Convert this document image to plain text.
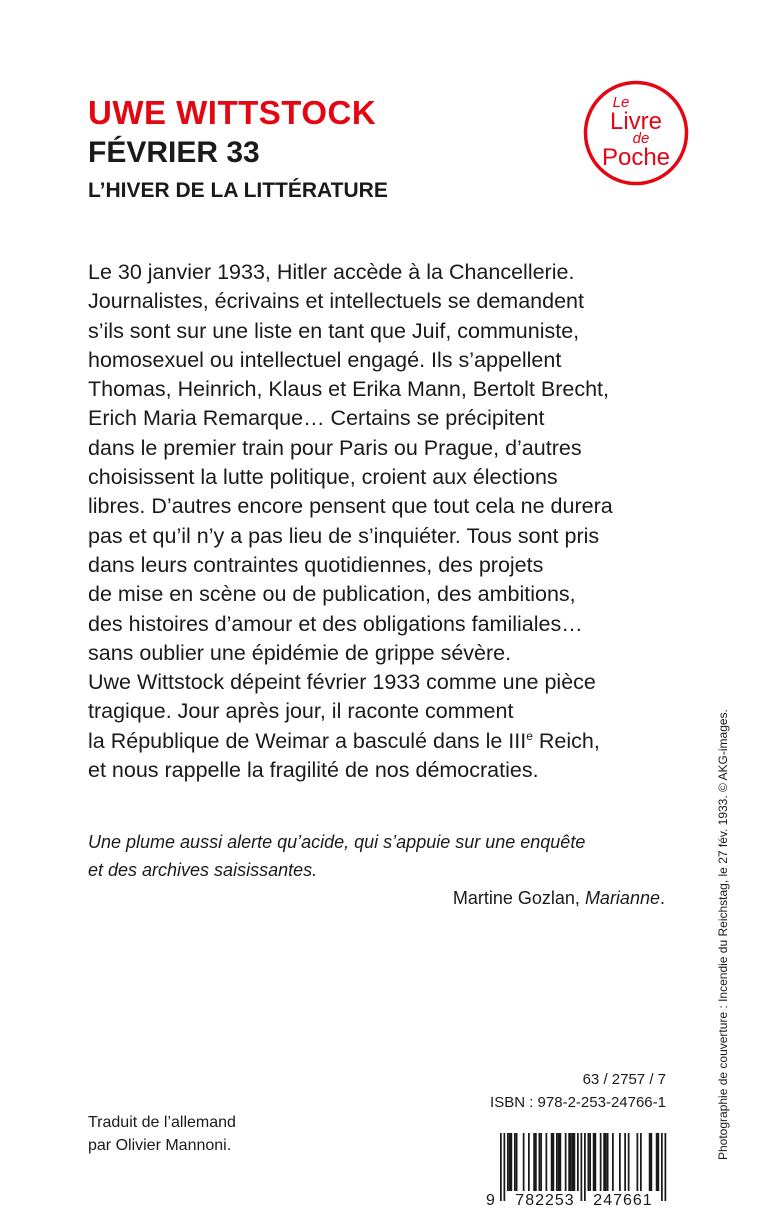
UWE WITTSTOCK
FÉVRIER 33
L’HIVER DE LA LITTÉRATURE
Le
Livre
de
Poche
Le 30 janvier 1933, Hitler accède à la Chancellerie.
Journalistes, écrivains et intellectuels se demandent
s’ils sont sur une liste en tant que Juif, communiste,
homosexuel ou intellectuel engagé. Ils s’appellent
Thomas, Heinrich, Klaus et Erika Mann, Bertolt Brecht,
Erich Maria Remarque… Certains se précipitent
dans le premier train pour Paris ou Prague, d’autres
choisissent la lutte politique, croient aux élections
libres. D’autres encore pensent que tout cela ne durera
pas et qu’il n’y a pas lieu de s’inquiéter. Tous sont pris
dans leurs contraintes quotidiennes, des projets
de mise en scène ou de publication, des ambitions,
des histoires d’amour et des obligations familiales…
sans oublier une épidémie de grippe sévère.
Uwe Wittstock dépeint février 1933 comme une pièce
tragique. Jour après jour, il raconte comment
la République de Weimar a basculé dans le IIIe Reich,
et nous rappelle la fragilité de nos démocraties.
Une plume aussi alerte qu’acide, qui s’appuie sur une enquête
et des archives saisissantes.
Martine Gozlan, Marianne.
Traduit de l’allemand
par Olivier Mannoni.
63 / 2757 / 7
ISBN : 978-2-253-24766-1
9 782253 247661
Photographie de couverture : Incendie du Reichstag, le 27 fév. 1933. © AKG-images.
